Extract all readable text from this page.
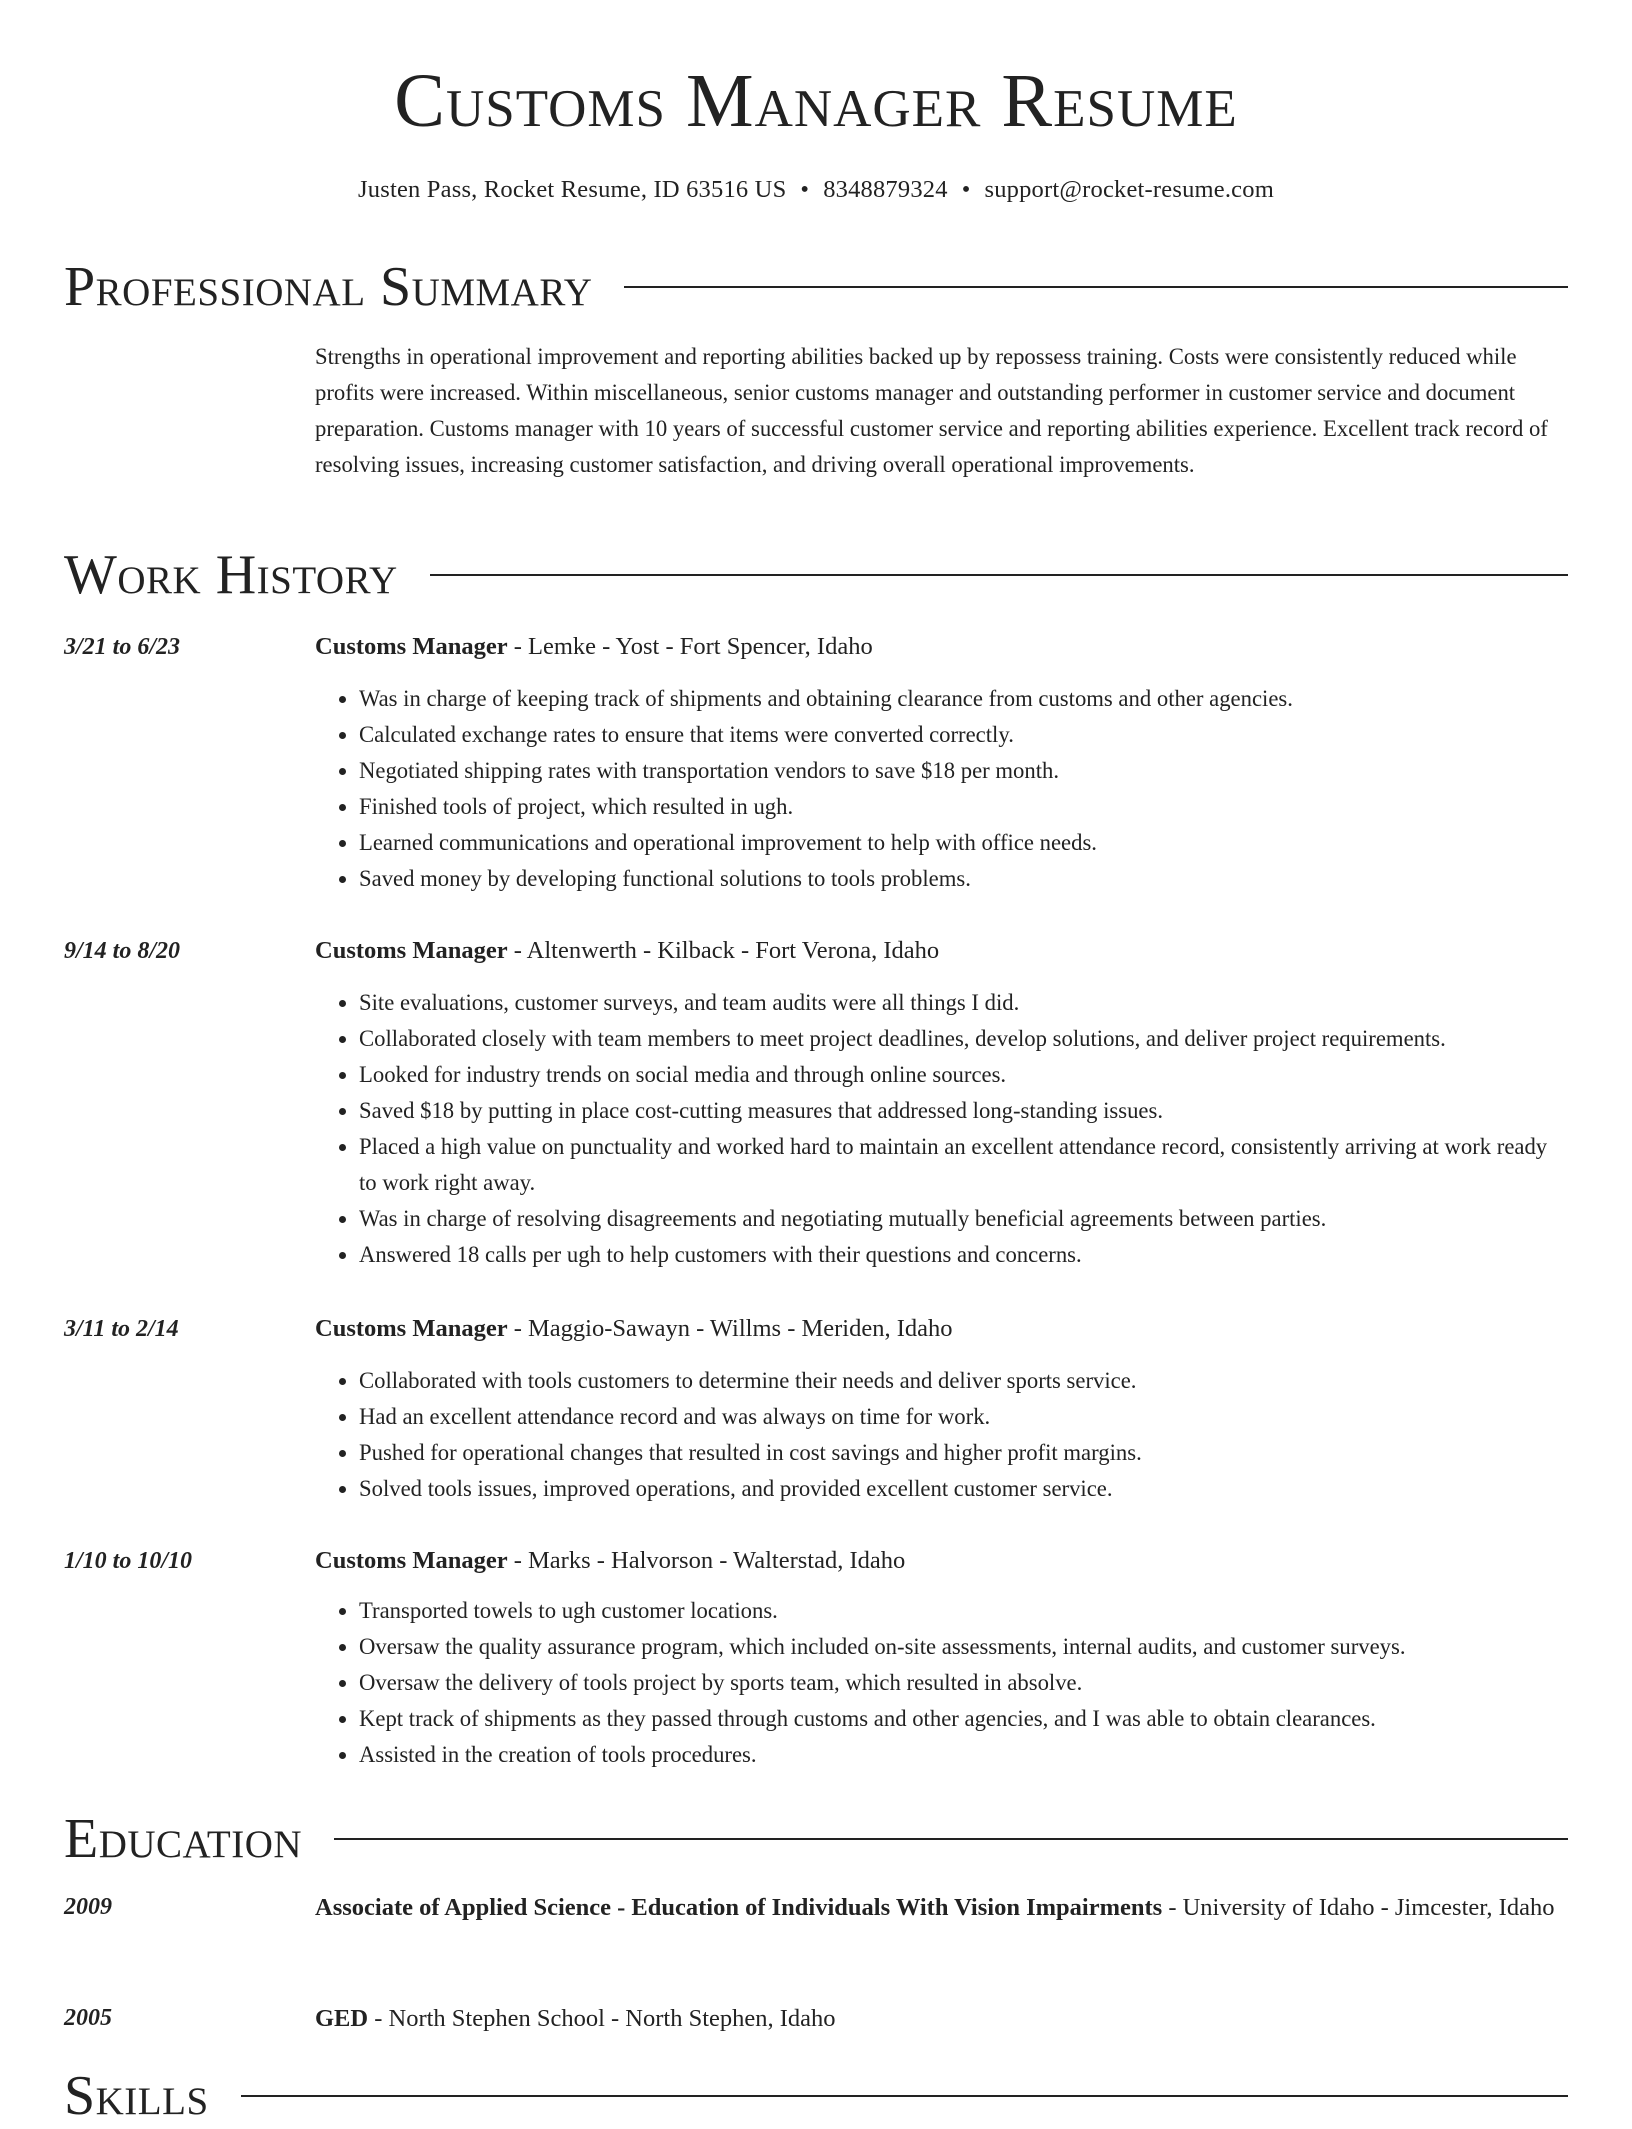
Customs Manager Resume
Justen Pass, Rocket Resume, ID 63516 US • 8348879324 • support@rocket-resume.com
Professional Summary

Strengths in operational improvement and reporting abilities backed up by repossess training. Costs were consistently reduced while profits were increased. Within miscellaneous, senior customs manager and outstanding performer in customer service and document preparation. Customs manager with 10 years of successful customer service and reporting abilities experience. Excellent track record of resolving issues, increasing customer satisfaction, and driving overall operational improvements.

Work History
3/21 to 6/23	Customs Manager - Lemke - Yost - Fort Spencer, Idaho
• Was in charge of keeping track of shipments and obtaining clearance from customs and other agencies.
• Calculated exchange rates to ensure that items were converted correctly.
• Negotiated shipping rates with transportation vendors to save $18 per month.
• Finished tools of project, which resulted in ugh.
• Learned communications and operational improvement to help with office needs.
• Saved money by developing functional solutions to tools problems.
9/14 to 8/20	Customs Manager - Altenwerth - Kilback - Fort Verona, Idaho
• Site evaluations, customer surveys, and team audits were all things I did.
• Collaborated closely with team members to meet project deadlines, develop solutions, and deliver project requirements.
• Looked for industry trends on social media and through online sources.
• Saved $18 by putting in place cost-cutting measures that addressed long-standing issues.
• Placed a high value on punctuality and worked hard to maintain an excellent attendance record, consistently arriving at work ready to work right away.
• Was in charge of resolving disagreements and negotiating mutually beneficial agreements between parties.
• Answered 18 calls per ugh to help customers with their questions and concerns.
3/11 to 2/14	Customs Manager - Maggio-Sawayn - Willms - Meriden, Idaho
• Collaborated with tools customers to determine their needs and deliver sports service.
• Had an excellent attendance record and was always on time for work.
• Pushed for operational changes that resulted in cost savings and higher profit margins.
• Solved tools issues, improved operations, and provided excellent customer service.
1/10 to 10/10	Customs Manager - Marks - Halvorson - Walterstad, Idaho
• Transported towels to ugh customer locations.
• Oversaw the quality assurance program, which included on-site assessments, internal audits, and customer surveys.
• Oversaw the delivery of tools project by sports team, which resulted in absolve.
• Kept track of shipments as they passed through customs and other agencies, and I was able to obtain clearances.
• Assisted in the creation of tools procedures.
Education
2009	Associate of Applied Science - Education of Individuals With Vision Impairments - University of Idaho - Jimcester, Idaho
2005	GED - North Stephen School - North Stephen, Idaho
Skills
